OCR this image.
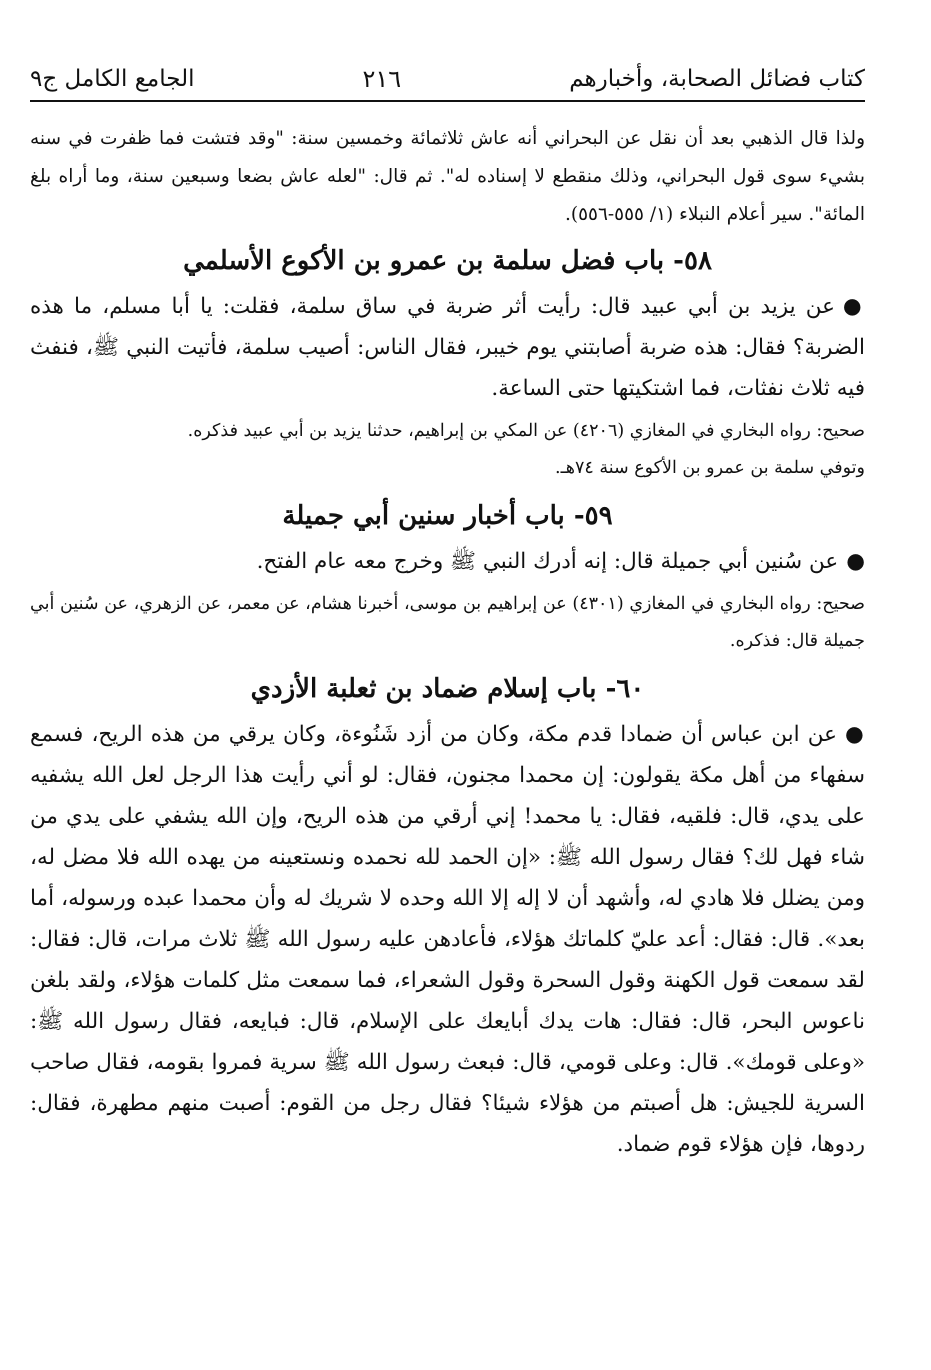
كتاب فضائل الصحابة، وأخبارهم
٢١٦
الجامع الكامل ج٩

ولذا قال الذهبي بعد أن نقل عن البحراني أنه عاش ثلاثمائة وخمسين سنة: "وقد فتشت فما ظفرت في سنه بشيء سوى قول البحراني، وذلك منقطع لا إسناده له". ثم قال: "لعله عاش بضعا وسبعين سنة، وما أراه بلغ المائة". سير أعلام النبلاء (١/ ٥٥٥-٥٥٦).

٥٨- باب فضل سلمة بن عمرو بن الأكوع الأسلمي

●عن يزيد بن أبي عبيد قال: رأيت أثر ضربة في ساق سلمة، فقلت: يا أبا مسلم، ما هذه الضربة؟ فقال: هذه ضربة أصابتني يوم خيبر، فقال الناس: أصيب سلمة، فأتيت النبي ﷺ، فنفث فيه ثلاث نفثات، فما اشتكيتها حتى الساعة.

صحيح: رواه البخاري في المغازي (٤٢٠٦) عن المكي بن إبراهيم، حدثنا يزيد بن أبي عبيد فذكره.

وتوفي سلمة بن عمرو بن الأكوع سنة ٧٤هـ.

٥٩- باب أخبار سنين أبي جميلة

●عن سُنين أبي جميلة قال: إنه أدرك النبي ﷺ وخرج معه عام الفتح.

صحيح: رواه البخاري في المغازي (٤٣٠١) عن إبراهيم بن موسى، أخبرنا هشام، عن معمر، عن الزهري، عن سُنين أبي جميلة قال: فذكره.

٦٠- باب إسلام ضماد بن ثعلبة الأزدي

●عن ابن عباس أن ضمادا قدم مكة، وكان من أزد شَنُوءة، وكان يرقي من هذه الريح، فسمع سفهاء من أهل مكة يقولون: إن محمدا مجنون، فقال: لو أني رأيت هذا الرجل لعل الله يشفيه على يدي، قال: فلقيه، فقال: يا محمد! إني أرقي من هذه الريح، وإن الله يشفي على يدي من شاء فهل لك؟ فقال رسول الله ﷺ: «إن الحمد لله نحمده ونستعينه من يهده الله فلا مضل له، ومن يضلل فلا هادي له، وأشهد أن لا إله إلا الله وحده لا شريك له وأن محمدا عبده ورسوله، أما بعد». قال: فقال: أعد عليّ كلماتك هؤلاء، فأعادهن عليه رسول الله ﷺ ثلاث مرات، قال: فقال: لقد سمعت قول الكهنة وقول السحرة وقول الشعراء، فما سمعت مثل كلمات هؤلاء، ولقد بلغن ناعوس البحر، قال: فقال: هات يدك أبايعك على الإسلام، قال: فبايعه، فقال رسول الله ﷺ: «وعلى قومك». قال: وعلى قومي، قال: فبعث رسول الله ﷺ سرية فمروا بقومه، فقال صاحب السرية للجيش: هل أصبتم من هؤلاء شيئا؟ فقال رجل من القوم: أصبت منهم مطهرة، فقال: ردوها، فإن هؤلاء قوم ضماد.
